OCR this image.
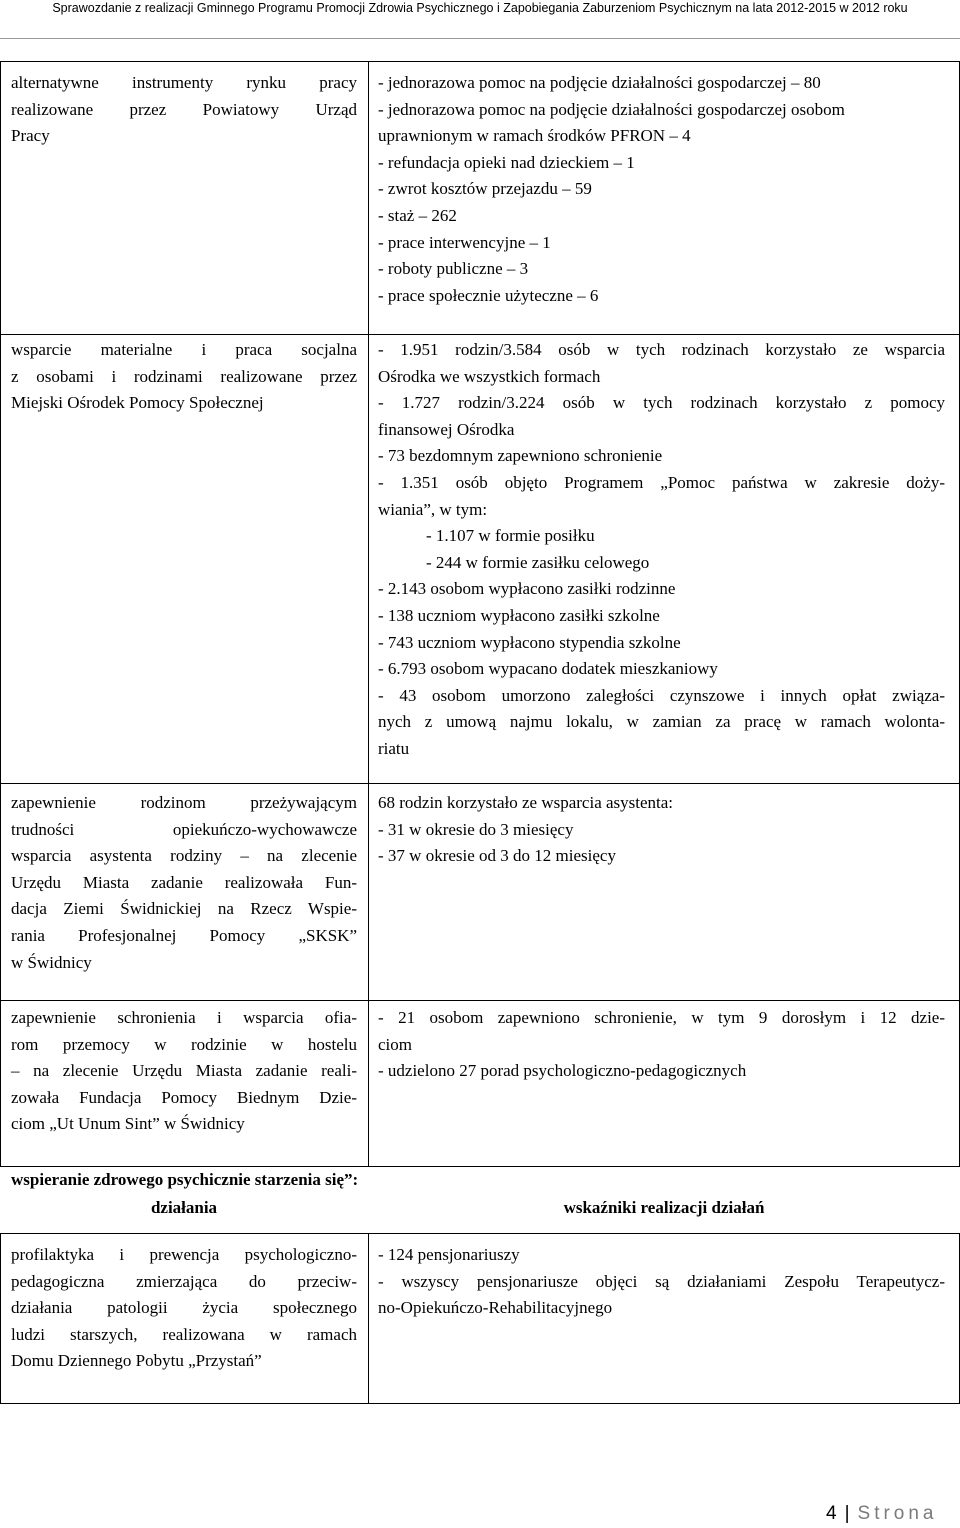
Sprawozdanie z realizacji Gminnego Programu Promocji Zdrowia Psychicznego i Zapobiegania Zaburzeniom Psychicznym na lata 2012-2015 w 2012 roku
alternatywne instrumenty rynku pracy
realizowane przez Powiatowy Urząd
Pracy
- jednorazowa pomoc na podjęcie działalności gospodarczej – 80
- jednorazowa pomoc na podjęcie działalności gospodarczej osobom
uprawnionym w ramach środków PFRON – 4
- refundacja opieki nad dzieckiem – 1
- zwrot kosztów przejazdu – 59
- staż – 262
- prace interwencyjne – 1
- roboty publiczne – 3
- prace społecznie użyteczne – 6
wsparcie materialne i praca socjalna
z osobami i rodzinami realizowane przez
Miejski Ośrodek Pomocy Społecznej
- 1.951 rodzin/3.584 osób w tych rodzinach korzystało ze wsparcia
Ośrodka we wszystkich formach
- 1.727 rodzin/3.224 osób w tych rodzinach korzystało z pomocy
finansowej Ośrodka
- 73 bezdomnym zapewniono schronienie
- 1.351 osób objęto Programem „Pomoc państwa w zakresie doży-
wiania”, w tym:
- 1.107 w formie posiłku
- 244 w formie zasiłku celowego
- 2.143 osobom wypłacono zasiłki rodzinne
- 138 uczniom wypłacono zasiłki szkolne
- 743 uczniom wypłacono stypendia szkolne
- 6.793 osobom wypacano dodatek mieszkaniowy
- 43 osobom umorzono zaległości czynszowe i innych opłat związa-
nych z umową najmu lokalu, w zamian za pracę w ramach wolonta-
riatu
zapewnienie rodzinom przeżywającym
trudności opiekuńczo-wychowawcze
wsparcia asystenta rodziny – na zlecenie
Urzędu Miasta zadanie realizowała Fun-
dacja Ziemi Świdnickiej na Rzecz Wspie-
rania Profesjonalnej Pomocy „SKSK”
w Świdnicy
68 rodzin korzystało ze wsparcia asystenta:
- 31 w okresie do 3 miesięcy
- 37 w okresie od 3 do 12 miesięcy
zapewnienie schronienia i wsparcia ofia-
rom przemocy w rodzinie w hostelu
– na zlecenie Urzędu Miasta zadanie reali-
zowała Fundacja Pomocy Biednym Dzie-
ciom „Ut Unum Sint” w Świdnicy
- 21 osobom zapewniono schronienie, w tym 9 dorosłym i 12 dzie-
ciom
- udzielono 27 porad psychologiczno-pedagogicznych
wspieranie zdrowego psychicznie starzenia się”:
działania	wskaźniki realizacji działań
profilaktyka i prewencja psychologiczno-
pedagogiczna zmierzająca do przeciw-
działania patologii życia społecznego
ludzi starszych, realizowana w ramach
Domu Dziennego Pobytu „Przystań”
- 124 pensjonariuszy
- wszyscy pensjonariusze objęci są działaniami Zespołu Terapeutycz-
no-Opiekuńczo-Rehabilitacyjnego
4 | Strona
